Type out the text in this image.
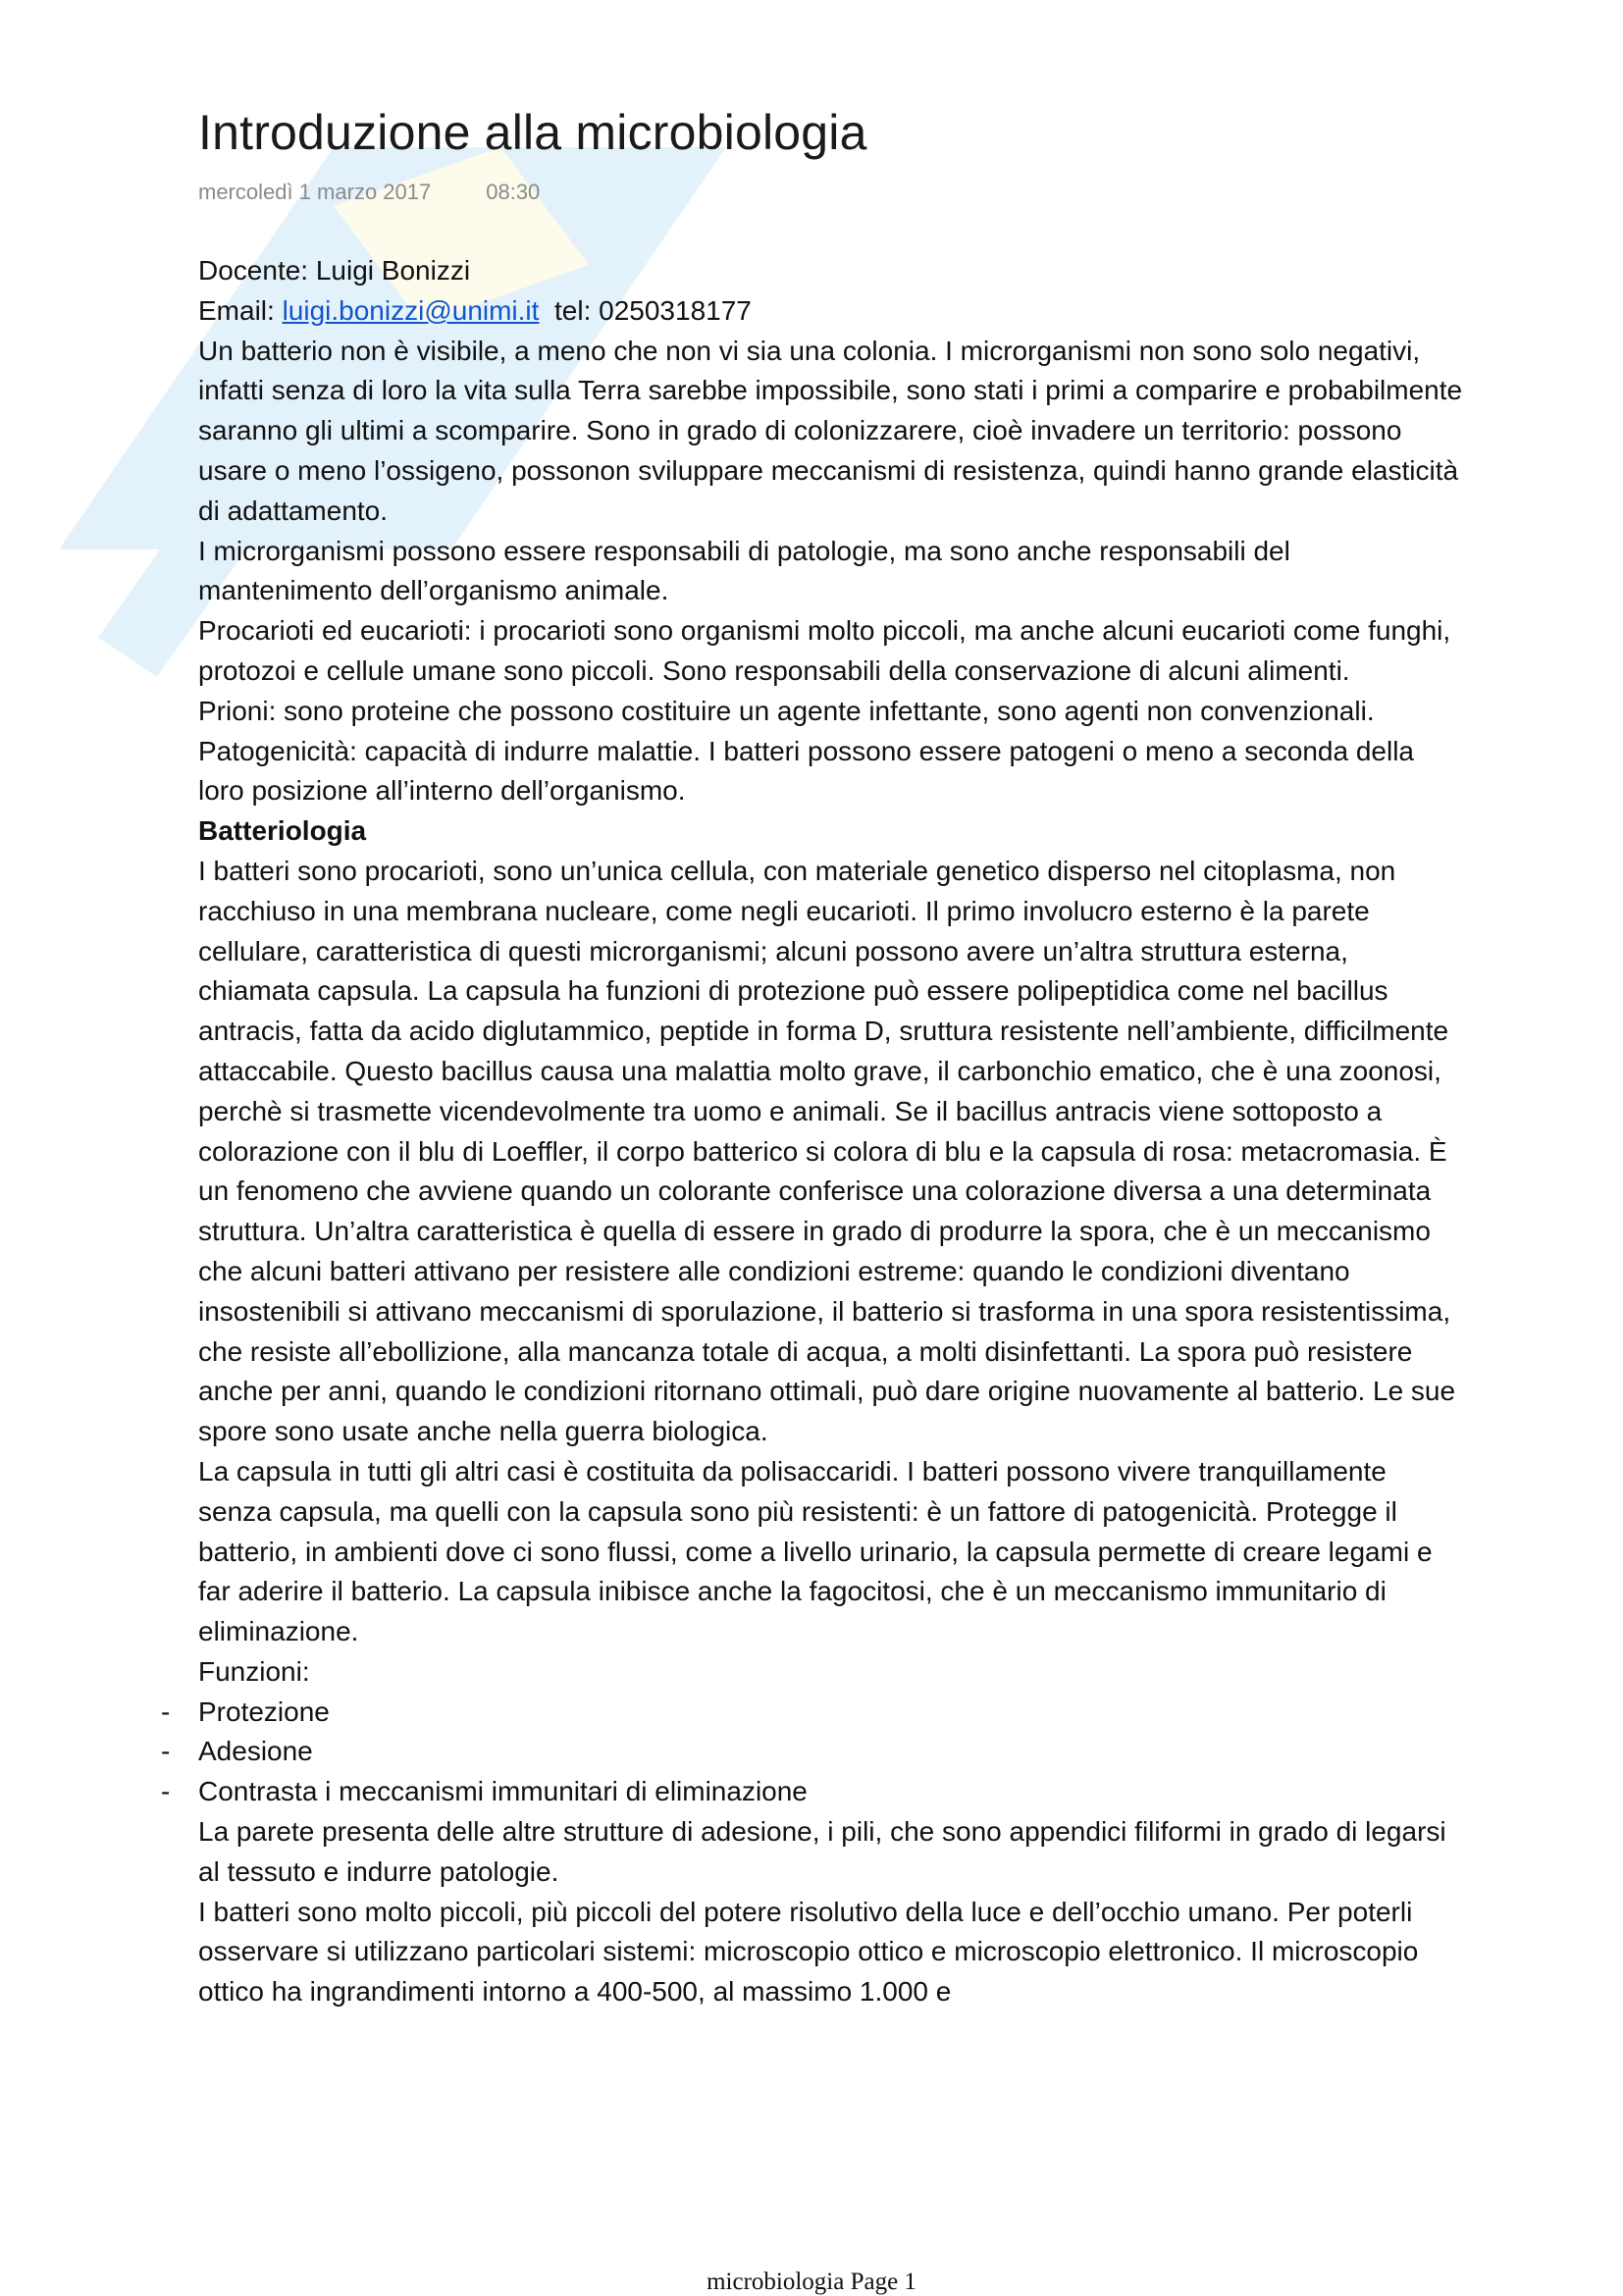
Introduzione alla microbiologia
mercoledì 1 marzo 2017	08:30

Docente: Luigi Bonizzi

Email: luigi.bonizzi@unimi.it tel: 0250318177

Un batterio non è visibile, a meno che non vi sia una colonia. I microrganismi non sono solo negativi, infatti senza di loro la vita sulla Terra sarebbe impossibile, sono stati i primi a comparire e probabilmente saranno gli ultimi a scomparire. Sono in grado di colonizzarere, cioè invadere un territorio: possono usare o meno l’ossigeno, possonon sviluppare meccanismi di resistenza, quindi hanno grande elasticità di adattamento.

I microrganismi possono essere responsabili di patologie, ma sono anche responsabili del mantenimento dell’organismo animale.

Procarioti ed eucarioti: i procarioti sono organismi molto piccoli, ma anche alcuni eucarioti come funghi, protozoi e cellule umane sono piccoli. Sono responsabili della conservazione di alcuni alimenti.

Prioni: sono proteine che possono costituire un agente infettante, sono agenti non convenzionali.

Patogenicità: capacità di indurre malattie. I batteri possono essere patogeni o meno a seconda della loro posizione all’interno dell’organismo.

Batteriologia

I batteri sono procarioti, sono un’unica cellula, con materiale genetico disperso nel citoplasma, non racchiuso in una membrana nucleare, come negli eucarioti. Il primo involucro esterno è la parete cellulare, caratteristica di questi microrganismi; alcuni possono avere un’altra struttura esterna, chiamata capsula. La capsula ha funzioni di protezione può essere polipeptidica come nel bacillus antracis, fatta da acido diglutammico, peptide in forma D, sruttura resistente nell’ambiente, difficilmente attaccabile. Questo bacillus causa una malattia molto grave, il carbonchio ematico, che è una zoonosi, perchè si trasmette vicendevolmente tra uomo e animali. Se il bacillus antracis viene sottoposto a colorazione con il blu di Loeffler, il corpo batterico si colora di blu e la capsula di rosa: metacromasia. È un fenomeno che avviene quando un colorante conferisce una colorazione diversa a una determinata struttura. Un’altra caratteristica è quella di essere in grado di produrre la spora, che è un meccanismo che alcuni batteri attivano per resistere alle condizioni estreme: quando le condizioni diventano insostenibili si attivano meccanismi di sporulazione, il batterio si trasforma in una spora resistentissima, che resiste all’ebollizione, alla mancanza totale di acqua, a molti disinfettanti. La spora può resistere anche per anni, quando le condizioni ritornano ottimali, può dare origine nuovamente al batterio. Le sue spore sono usate anche nella guerra biologica.

La capsula in tutti gli altri casi è costituita da polisaccaridi. I batteri possono vivere tranquillamente senza capsula, ma quelli con la capsula sono più resistenti: è un fattore di patogenicità. Protegge il batterio, in ambienti dove ci sono flussi, come a livello urinario, la capsula permette di creare legami e far aderire il batterio. La capsula inibisce anche la fagocitosi, che è un meccanismo immunitario di eliminazione.

Funzioni:

- Protezione

- Adesione

- Contrasta i meccanismi immunitari di eliminazione

La parete presenta delle altre strutture di adesione, i pili, che sono appendici filiformi in grado di legarsi al tessuto e indurre patologie.

I batteri sono molto piccoli, più piccoli del potere risolutivo della luce e dell’occhio umano. Per poterli osservare si utilizzano particolari sistemi: microscopio ottico e microscopio elettronico. Il microscopio ottico ha ingrandimenti intorno a 400-500, al massimo 1.000 e

microbiologia Page 1
